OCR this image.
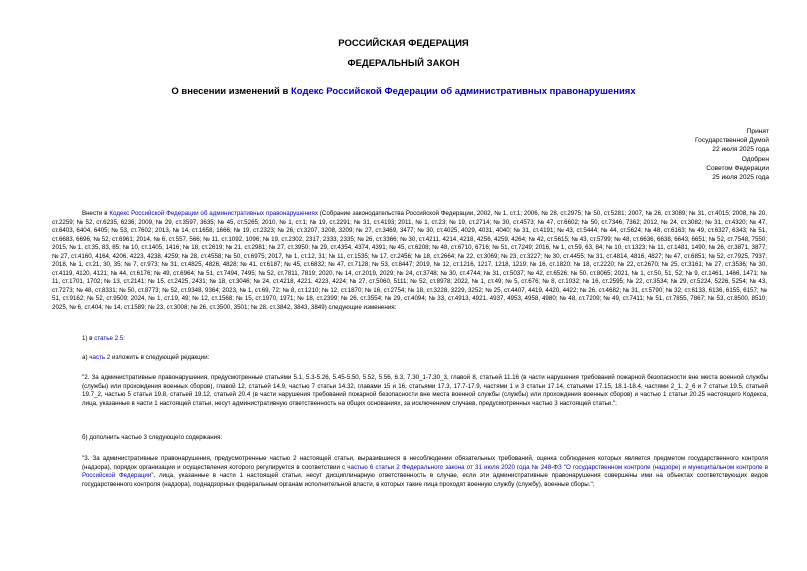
РОССИЙСКАЯ ФЕДЕРАЦИЯ

ФЕДЕРАЛЬНЫЙ ЗАКОН

О внесении изменений в Кодекс Российской Федерации об административных правонарушениях

Принят
Государственной Думой
22 июля 2025 года
Одобрен
Советом Федерации
25 июля 2025 года

Внести в Кодекс Российской Федерации об административных правонарушениях (Собрание законодательства Российской Федерации, 2002, № 1, ст.1; 2006, № 28, ст.2975; № 50, ст.5281; 2007, № 26, ст.3089; № 31, ст.4015; 2008, № 20, ст.2259; № 52, ст.6235, 6236; 2009, № 29, ст.3597, 3635; № 45, ст.5265; 2010, № 1, ст.1; № 19, ст.2291; № 31, ст.4193; 2011, № 1, ст.23; № 19, ст.2714; № 30, ст.4573; № 47, ст.6602; № 50, ст.7346, 7362; 2012, № 24, ст.3082; № 31, ст.4320; № 47, ст.6403, 6404, 6405; № 53, ст.7602; 2013, № 14, ст.1658, 1666; № 19, ст.2323; № 26, ст.3207, 3208, 3209; № 27, ст.3469, 3477; № 30, ст.4025, 4029, 4031, 4040; № 31, ст.4191; № 43, ст.5444; № 44, ст.5624; № 48, ст.6163; № 49, ст.6327, 6343; № 51, ст.6683, 6696; № 52, ст.6961; 2014, № 6, ст.557, 566; № 11, ст.1092, 1096; № 19, ст.2302, 2317, 2333, 2335; № 26, ст.3366; № 30, ст.4211, 4214, 4218, 4256, 4259, 4264; № 42, ст.5615; № 43, ст.5799; № 48, ст.6636, 6638, 6643, 6651; № 52, ст.7548, 7550; 2015, № 1, ст.35, 83, 85; № 10, ст.1405, 1416; № 18, ст.2619; № 21, ст.2981; № 27, ст.3950; № 29, ст.4354, 4374, 4391; № 45, ст.6208; № 48, ст.6710, 6716; № 51, ст.7249; 2016, № 1, ст.59, 63, 84; № 10, ст.1323; № 11, ст.1481, 1490; № 26, ст.3871, 3877; № 27, ст.4160, 4164, 4206, 4223, 4238, 4259; № 28, ст.4558; № 50, ст.6975; 2017, № 1, ст.12, 31; № 11, ст.1535; № 17, ст.2456; № 18, ст.2664; № 22, ст.3069; № 23, ст.3227; № 30, ст.4455; № 31, ст.4814, 4816, 4827; № 47, ст.6851; № 52, ст.7925, 7937; 2018, № 1, ст.21, 30, 35; № 7, ст.973; № 31, ст.4825, 4826, 4828; № 41, ст.6187; № 45, ст.6832; № 47, ст.7128; № 53, ст.8447; 2019, № 12, ст.1216, 1217, 1218, 1219; № 16, ст.1820; № 18, ст.2220; № 22, ст.2670; № 25, ст.3161; № 27, ст.3536; № 30, ст.4119, 4120, 4121; № 44, ст.6176; № 49, ст.6964; № 51, ст.7494, 7495; № 52, ст.7811, 7819; 2020, № 14, ст.2019, 2029; № 24, ст.3748; № 30, ст.4744; № 31, ст.5037; № 42, ст.6526; № 50, ст.8065; 2021, № 1, ст.50, 51, 52; № 9, ст.1461, 1466, 1471; № 11, ст.1701, 1702; № 13, ст.2141; № 15, ст.2425, 2431; № 18, ст.3046; № 24, ст.4218, 4221, 4223, 4224; № 27, ст.5060, 5111; № 52, ст.8978; 2022, № 1, ст.49; № 5, ст.676; № 8, ст.1032; № 16, ст.2595; № 22, ст.3534; № 29, ст.5224, 5226, 5254; № 43, ст.7273; № 48, ст.8331; № 50, ст.8773; № 52, ст.9348, 9364; 2023, № 1, ст.69, 72; № 8, ст.1210; № 12, ст.1870; № 16, ст.2754; № 18, ст.3228, 3229, 3252; № 25, ст.4407, 4419, 4420, 4422; № 26, ст.4682; № 31, ст.5790; № 32, ст.6133, 6136, 6155, 6157; № 51, ст.9162; № 52, ст.9509; 2024, № 1, ст.19, 49; № 12, ст.1568; № 15, ст.1970, 1971; № 18, ст.2399; № 26, ст.3554; № 29, ст.4094; № 33, ст.4913, 4921, 4937, 4953, 4958, 4980; № 48, ст.7209; № 49, ст.7411; № 51, ст.7855, 7867; № 53, ст.8500, 8510; 2025, № 6, ст.404; № 14, ст.1589; № 23, ст.3008; № 26, ст.3500, 3501; № 28, ст.3842, 3843, 3849) следующие изменения:

1) в статье 2.5:

а) часть 2 изложить в следующей редакции:

"2. За административные правонарушения, предусмотренные статьями 5.1, 5.3-5.26, 5.45-5.50, 5.52, 5.56, 6.3, 7.30_1-7.30_3, главой 8, статьей 11.16 (в части нарушения требований пожарной безопасности вне места военной службы (службы) или прохождения военных сборов), главой 12, статьей 14.9, частью 7 статьи 14.32, главами 15 и 16, статьями 17.3, 17.7-17.9, частями 1 и 3 статьи 17.14, статьями 17.15, 18.1-18.4, частями 2_1, 2_6 и 7 статьи 19.5, статьей 19.7_2, частью 5 статьи 19.8, статьей 19.12, статьей 20.4 (в части нарушения требований пожарной безопасности вне места военной службы (службы) или прохождения военных сборов) и частью 1 статьи 20.25 настоящего Кодекса, лица, указанные в части 1 настоящей статьи, несут административную ответственность на общих основаниях, за исключением случаев, предусмотренных частью 3 настоящей статьи.";

б) дополнить частью 3 следующего содержания:

"3. За административные правонарушения, предусмотренные частью 2 настоящей статьи, выразившиеся в несоблюдении обязательных требований, оценка соблюдения которых является предметом государственного контроля (надзора), порядок организации и осуществления которого регулируется в соответствии с частью 6 статьи 2 Федерального закона от 31 июля 2020 года № 248-ФЗ "О государственном контроле (надзоре) и муниципальном контроле в Российской Федерации", лица, указанные в части 1 настоящей статьи, несут дисциплинарную ответственность в случае, если эти административные правонарушения совершены ими на объектах соответствующих видов государственного контроля (надзора), поднадзорных федеральным органам исполнительной власти, в которых такие лица проходят военную службу (службу), военные сборы.";
